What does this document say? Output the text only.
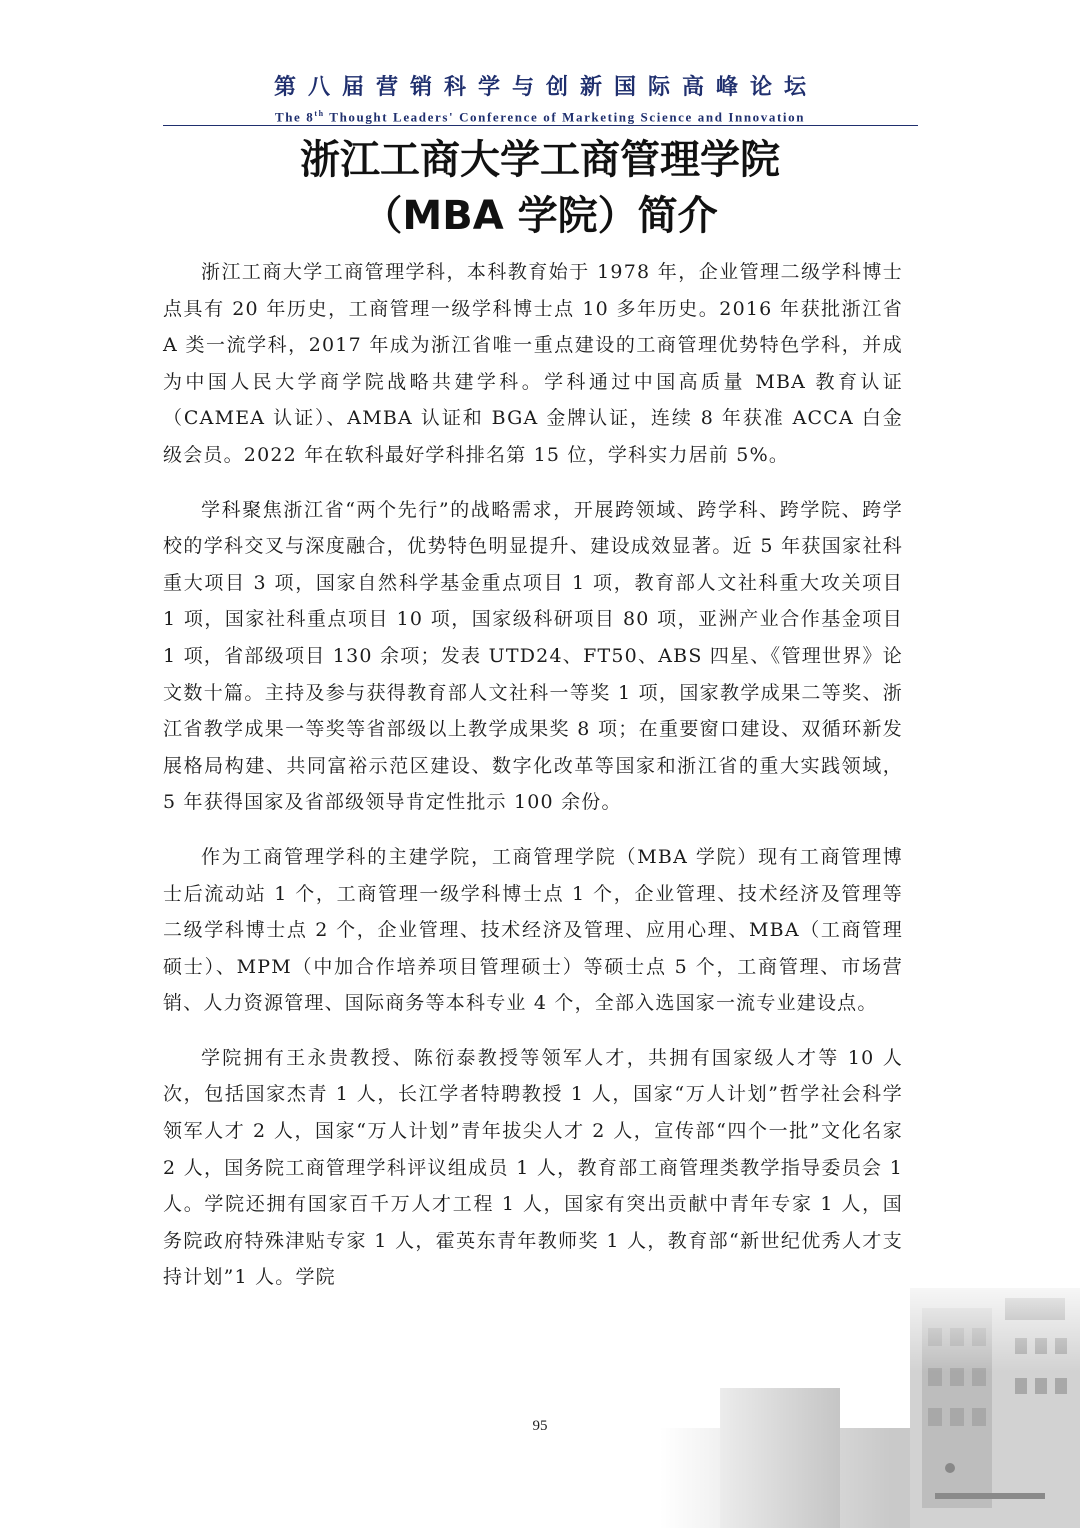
第八届营销科学与创新国际高峰论坛
The 8th Thought Leaders' Conference of Marketing Science and Innovation
浙江工商大学工商管理学院
（MBA 学院）简介

浙江工商大学工商管理学科，本科教育始于 1978 年，企业管理二级学科博士点具有 20 年历史，工商管理一级学科博士点 10 多年历史。2016 年获批浙江省 A 类一流学科，2017 年成为浙江省唯一重点建设的工商管理优势特色学科，并成为中国人民大学商学院战略共建学科。学科通过中国高质量 MBA 教育认证（CAMEA 认证）、AMBA 认证和 BGA 金牌认证，连续 8 年获准 ACCA 白金级会员。2022 年在软科最好学科排名第 15 位，学科实力居前 5%。

学科聚焦浙江省“两个先行”的战略需求，开展跨领域、跨学科、跨学院、跨学校的学科交叉与深度融合，优势特色明显提升、建设成效显著。近 5 年获国家社科重大项目 3 项，国家自然科学基金重点项目 1 项，教育部人文社科重大攻关项目 1 项，国家社科重点项目 10 项，国家级科研项目 80 项，亚洲产业合作基金项目 1 项，省部级项目 130 余项；发表 UTD24、FT50、ABS 四星、《管理世界》论文数十篇。主持及参与获得教育部人文社科一等奖 1 项，国家教学成果二等奖、浙江省教学成果一等奖等省部级以上教学成果奖 8 项；在重要窗口建设、双循环新发展格局构建、共同富裕示范区建设、数字化改革等国家和浙江省的重大实践领域，5 年获得国家及省部级领导肯定性批示 100 余份。

作为工商管理学科的主建学院，工商管理学院（MBA 学院）现有工商管理博士后流动站 1 个，工商管理一级学科博士点 1 个，企业管理、技术经济及管理等二级学科博士点 2 个，企业管理、技术经济及管理、应用心理、MBA（工商管理硕士）、MPM（中加合作培养项目管理硕士）等硕士点 5 个，工商管理、市场营销、人力资源管理、国际商务等本科专业 4 个，全部入选国家一流专业建设点。

学院拥有王永贵教授、陈衍泰教授等领军人才，共拥有国家级人才等 10 人次，包括国家杰青 1 人，长江学者特聘教授 1 人，国家“万人计划”哲学社会科学领军人才 2 人，国家“万人计划”青年拔尖人才 2 人，宣传部“四个一批”文化名家 2 人，国务院工商管理学科评议组成员 1 人，教育部工商管理类教学指导委员会 1 人。学院还拥有国家百千万人才工程 1 人，国家有突出贡献中青年专家 1 人，国务院政府特殊津贴专家 1 人，霍英东青年教师奖 1 人，教育部“新世纪优秀人才支持计划”1 人。学院

95
